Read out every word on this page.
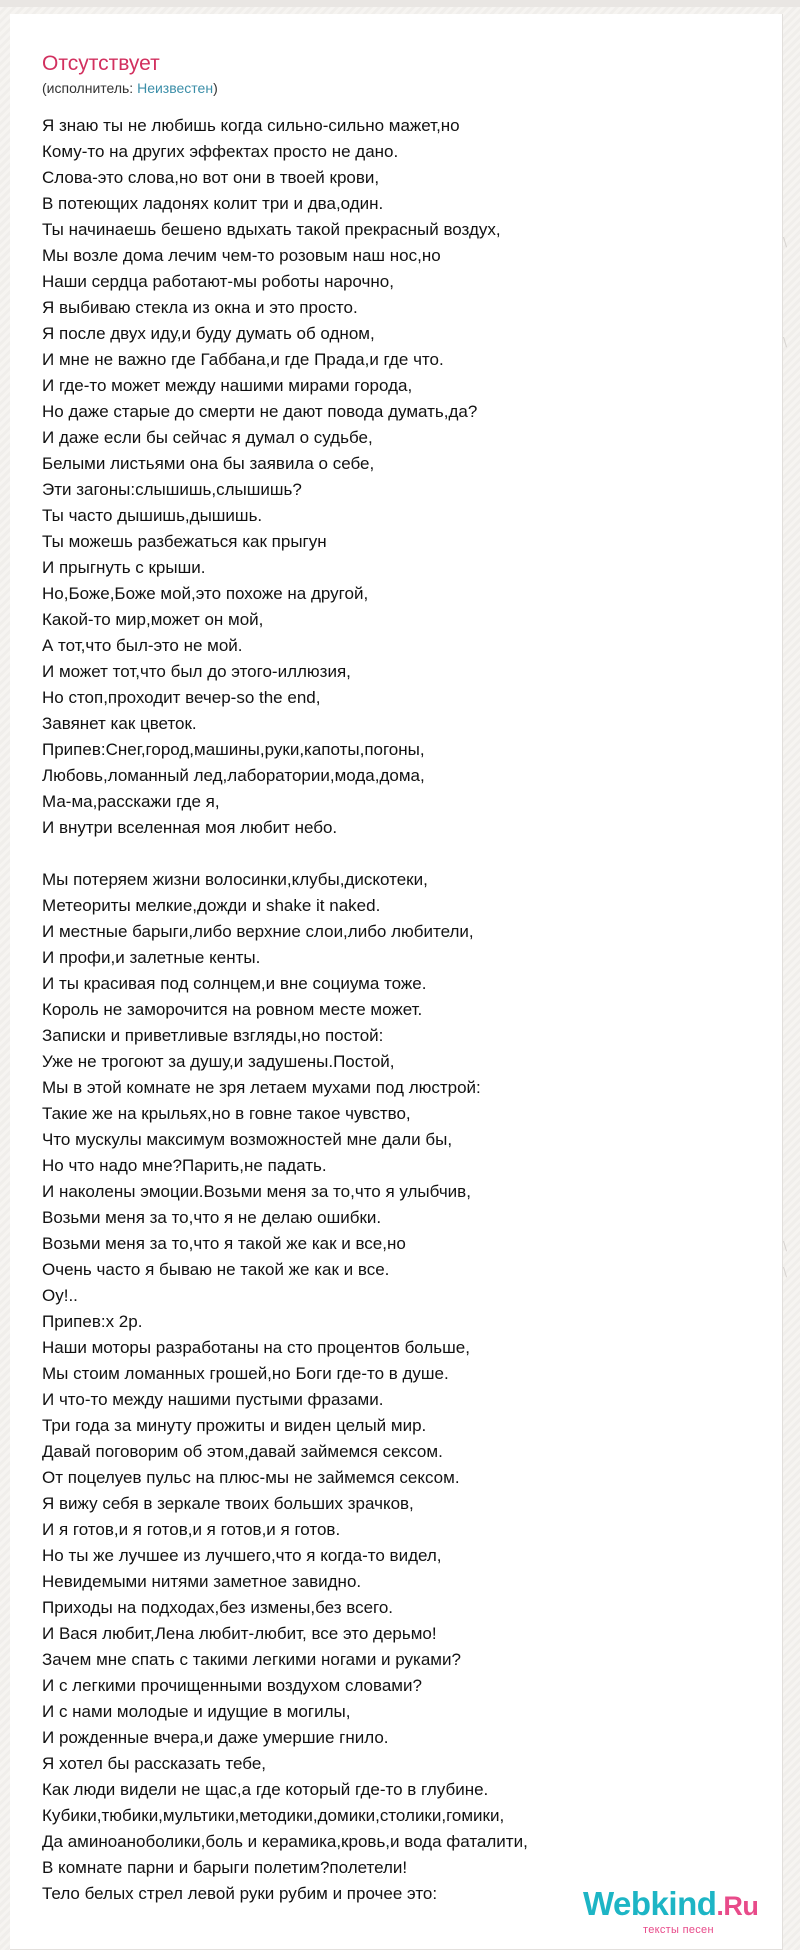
\
\
\
\
Отсутствует
(исполнитель: Неизвестен)
Я знаю ты не любишь когда сильно-сильно мажет,но
Кому-то на других эффектах просто не дано.
Слова-это слова,но вот они в твоей крови,
В потеющих ладонях колит три и два,один.
Ты начинаешь бешено вдыхать такой прекрасный воздух,
Мы возле дома лечим чем-то розовым наш нос,но
Наши сердца работают-мы роботы нарочно,
Я выбиваю стекла из окна и это просто.
Я после двух иду,и буду думать об одном,
И мне не важно где Габбана,и где Прада,и где что.
И где-то может между нашими мирами города,
Но даже старые до смерти не дают повода думать,да?
И даже если бы сейчас я думал о судьбе,
Белыми листьями она бы заявила о себе,
Эти загоны:слышишь,слышишь?
Ты часто дышишь,дышишь.
Ты можешь разбежаться как прыгун
И прыгнуть с крыши.
Но,Боже,Боже мой,это похоже на другой,
Какой-то мир,может он мой,
А тот,что был-это не мой.
И может тот,что был до этого-иллюзия,
Но стоп,проходит вечер-so the end,
Завянет как цветок.
Припев:Снег,город,машины,руки,капоты,погоны,
Любовь,ломанный лед,лаборатории,мода,дома,
Ма-ма,расскажи где я,
И внутри вселенная моя любит небо.
Мы потеряем жизни волосинки,клубы,дискотеки,
Метеориты мелкие,дожди и shake it naked.
И местные барыги,либо верхние слои,либо любители,
И профи,и залетные кенты.
И ты красивая под солнцем,и вне социума тоже.
Король не заморочится на ровном месте может.
Записки и приветливые взгляды,но постой:
Уже не трогоют за душу,и задушены.Постой,
Мы в этой комнате не зря летаем мухами под люстрой:
Такие же на крыльях,но в говне такое чувство,
Что мускулы максимум возможностей мне дали бы,
Но что надо мне?Парить,не падать.
И наколены эмоции.Возьми меня за то,что я улыбчив,
Возьми меня за то,что я не делаю ошибки.
Возьми меня за то,что я такой же как и все,но
Очень часто я бываю не такой же как и все.
Оу!..
Припев:х 2р.
Наши моторы разработаны на сто процентов больше,
Мы стоим ломанных грошей,но Боги где-то в душе.
И что-то между нашими пустыми фразами.
Три года за минуту прожиты и виден целый мир.
Давай поговорим об этом,давай займемся сексом.
От поцелуев пульс на плюс-мы не займемся сексом.
Я вижу себя в зеркале твоих больших зрачков,
И я готов,и я готов,и я готов,и я готов.
Но ты же лучшее из лучшего,что я когда-то видел,
Невидемыми нитями заметное завидно.
Приходы на подходах,без измены,без всего.
И Вася любит,Лена любит-любит, все это дерьмо!
Зачем мне спать с такими легкими ногами и руками?
И с легкими прочищенными воздухом словами?
И с нами молодые и идущие в могилы,
И рожденные вчера,и даже умершие гнило.
Я хотел бы рассказать тебе,
Как люди видели не щас,а где который где-то в глубине.
Кубики,тюбики,мультики,методики,домики,столики,гомики,
Да аминоаноболики,боль и керамика,кровь,и вода фаталити,
В комнате парни и барыги полетим?полетели!
Тело белых стрел левой руки рубим и прочее это:	Webkind.Ru
тексты песен
